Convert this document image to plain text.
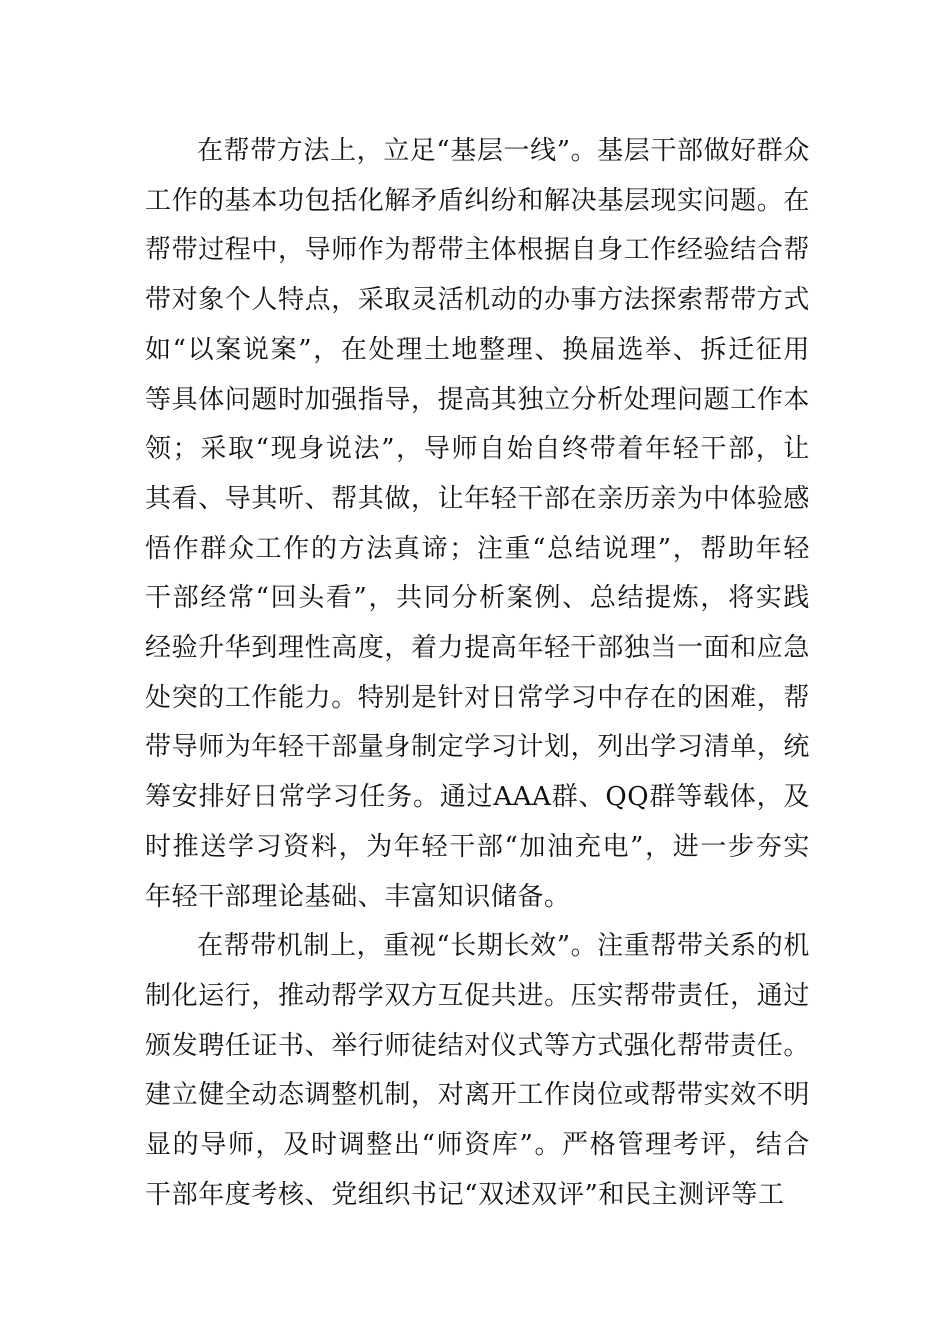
在帮带方法上，立足“基层一线”。基层干部做好群众工作的基本功包括化解矛盾纠纷和解决基层现实问题。在帮带过程中，导师作为帮带主体根据自身工作经验结合帮带对象个人特点，采取灵活机动的办事方法探索帮带方式如“以案说案”，在处理土地整理、换届选举、拆迁征用等具体问题时加强指导，提高其独立分析处理问题工作本领；采取“现身说法”，导师自始自终带着年轻干部，让其看、导其听、帮其做，让年轻干部在亲历亲为中体验感悟作群众工作的方法真谛；注重“总结说理”，帮助年轻干部经常“回头看”，共同分析案例、总结提炼，将实践经验升华到理性高度，着力提高年轻干部独当一面和应急处突的工作能力。特别是针对日常学习中存在的困难，帮带导师为年轻干部量身制定学习计划，列出学习清单，统筹安排好日常学习任务。通过AAA群、QQ群等载体，及时推送学习资料，为年轻干部“加油充电”，进一步夯实年轻干部理论基础、丰富知识储备。

在帮带机制上，重视“长期长效”。注重帮带关系的机制化运行，推动帮学双方互促共进。压实帮带责任，通过颁发聘任证书、举行师徒结对仪式等方式强化帮带责任。建立健全动态调整机制，对离开工作岗位或帮带实效不明显的导师，及时调整出“师资库”。严格管理考评，结合干部年度考核、党组织书记“双述双评”和民主测评等工
